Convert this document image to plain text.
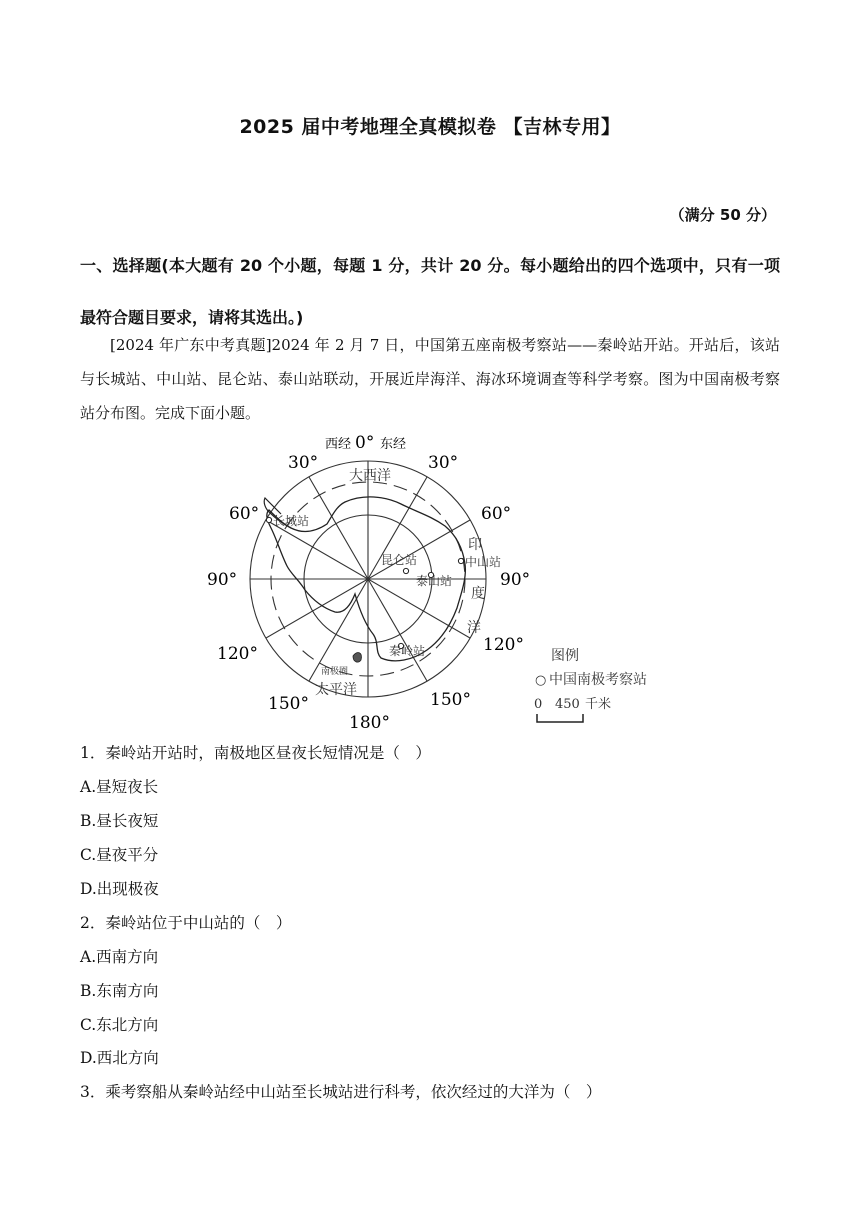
2025 届中考地理全真模拟卷 【吉林专用】
（满分 50 分）
一、选择题(本大题有 20 个小题，每题 1 分，共计 20 分。每小题给出的四个选项中，只有一项最符合题目要求，请将其选出。)
[2024 年广东中考真题]2024 年 2 月 7 日，中国第五座南极考察站——秦岭站开站。开站后，该站与长城站、中山站、昆仑站、泰山站联动，开展近岸海洋、海冰环境调查等科学考察。图为中国南极考察站分布图。完成下面小题。
西经 0° 东经
30°	30°
60°	60°
90°	90°
120°	120°
150°	150°
180°
大西洋
印
度
洋
太平洋
南极圈
长城站
昆仑站
泰山站
中山站
秦岭站	图例
○ 中国南极考察站
0 450 千米
1．秦岭站开站时，南极地区昼夜长短情况是（　）
A.昼短夜长
B.昼长夜短
C.昼夜平分
D.出现极夜
2．秦岭站位于中山站的（　）
A.西南方向
B.东南方向
C.东北方向
D.西北方向
3．乘考察船从秦岭站经中山站至长城站进行科考，依次经过的大洋为（　）
